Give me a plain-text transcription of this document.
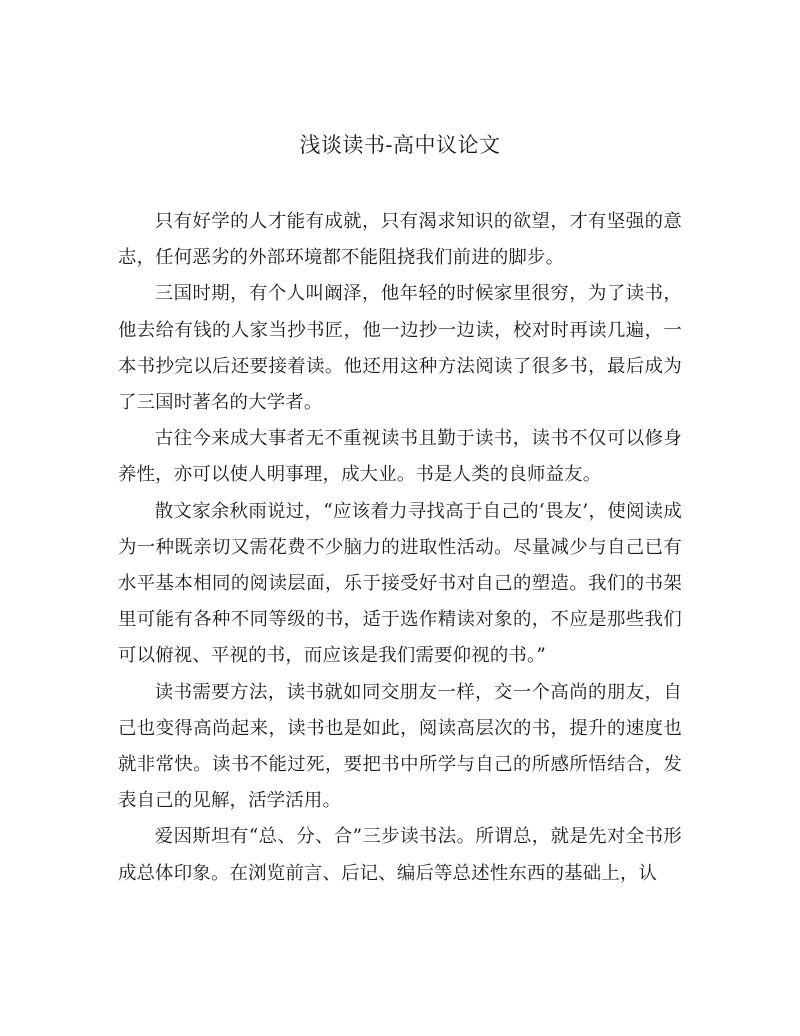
浅谈读书-高中议论文

只有好学的人才能有成就，只有渴求知识的欲望，才有坚强的意志，任何恶劣的外部环境都不能阻挠我们前进的脚步。

三国时期，有个人叫阚泽，他年轻的时候家里很穷，为了读书，他去给有钱的人家当抄书匠，他一边抄一边读，校对时再读几遍，一本书抄完以后还要接着读。他还用这种方法阅读了很多书，最后成为了三国时著名的大学者。

古往今来成大事者无不重视读书且勤于读书，读书不仅可以修身养性，亦可以使人明事理，成大业。书是人类的良师益友。

散文家余秋雨说过，“应该着力寻找高于自己的‘畏友’，使阅读成为一种既亲切又需花费不少脑力的进取性活动。尽量减少与自己已有水平基本相同的阅读层面，乐于接受好书对自己的塑造。我们的书架里可能有各种不同等级的书，适于选作精读对象的，不应是那些我们可以俯视、平视的书，而应该是我们需要仰视的书。”

读书需要方法，读书就如同交朋友一样，交一个高尚的朋友，自己也变得高尚起来，读书也是如此，阅读高层次的书，提升的速度也就非常快。读书不能过死，要把书中所学与自己的所感所悟结合，发表自己的见解，活学活用。

爱因斯坦有“总、分、合”三步读书法。所谓总，就是先对全书形成总体印象。在浏览前言、后记、编后等总述性东西的基础上，认
